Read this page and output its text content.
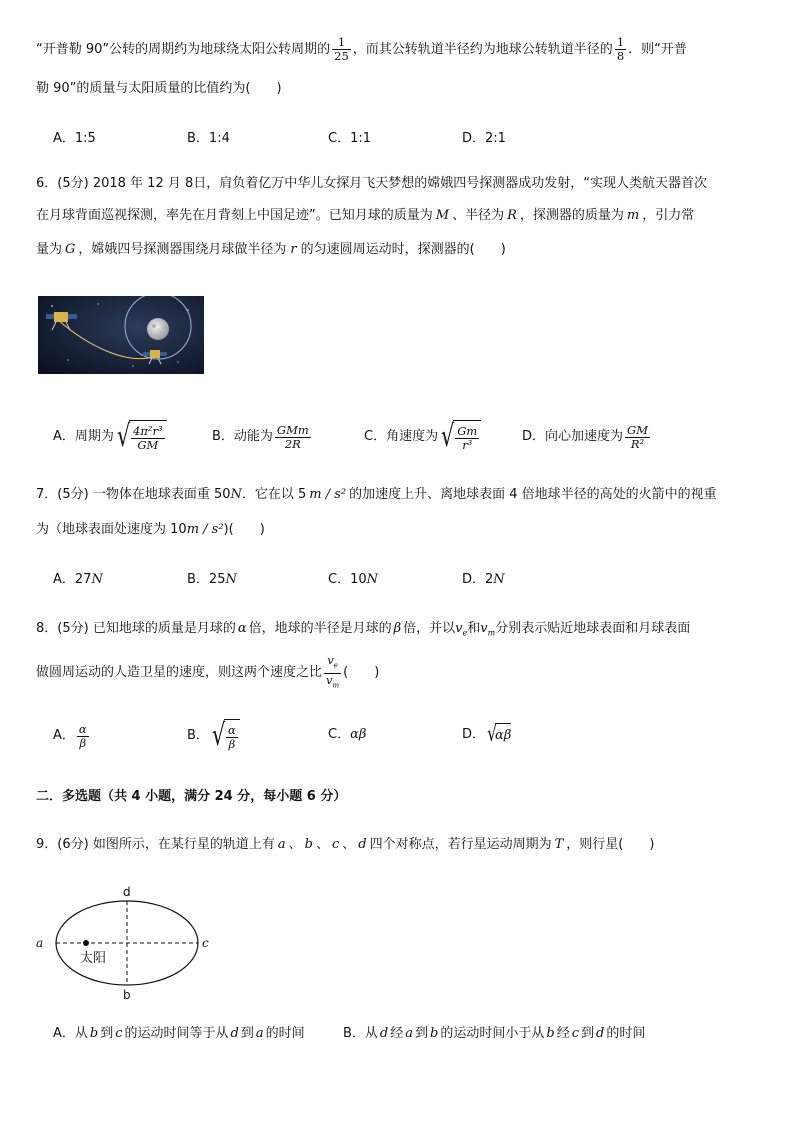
“开普勒 90”公转的周期约为地球绕太阳公转周期的 $\frac{1}{25}$ ，而其公转轨道半径约为地球公转轨道半径的 $\frac{1}{8}$ ．则“开普
勒 90”的质量与太阳质量的比值约为(　　)
A．1:5	B．1:4	C．1:1	D．2:1
6．(5分) 2018 年 12 月 8日，肩负着亿万中华儿女探月飞天梦想的嫦娥四号探测器成功发射，“实现人类航天器首次
在月球背面巡视探测，率先在月背刻上中国足迹”。已知月球的质量为 M 、半径为 R ，探测器的质量为 m ，引力常
量为 G ，嫦娥四号探测器围绕月球做半径为 r 的匀速圆周运动时，探测器的(　　)
A．周期为 √ $\frac{\text{4π²r³}}{GM}$	B．动能为 $\frac{\text{GMm}}{2R}$	C．角速度为 √ $\frac{Gm}{\text{r³}}$	D．向心加速度为 $\frac{GM}{\text{R²}}$
7．(5分) 一物体在地球表面重 50N．它在以 5 m / s² 的加速度上升、离地球表面 4 倍地球半径的高处的火箭中的视重
为（地球表面处速度为 10m / s²)(　　)
A．27N	B．25N	C．10N	D．2N
8．(5分) 已知地球的质量是月球的 α 倍，地球的半径是月球的 β 倍，并以$v_e$和$v_m$分别表示贴近地球表面和月球表面
做圆周运动的人造卫星的速度，则这两个速度之比 $\frac{v_e}{v_m}$ (　　)
A． $\frac{\alpha}{\beta}$	B． √ $\frac{\alpha}{\beta}$	C．αβ	D． √
αβ
二．多选题（共 4 小题，满分 24 分，每小题 6 分）
9．(6分) 如图所示，在某行星的轨道上有 a 、 b 、 c 、 d 四个对称点，若行星运动周期为 T ，则行星(　　)
a	c
d
b
太阳
A．从 b 到 c 的运动时间等于从 d 到 a 的时间	B．从 d 经 a 到 b 的运动时间小于从 b 经 c 到 d 的时间
